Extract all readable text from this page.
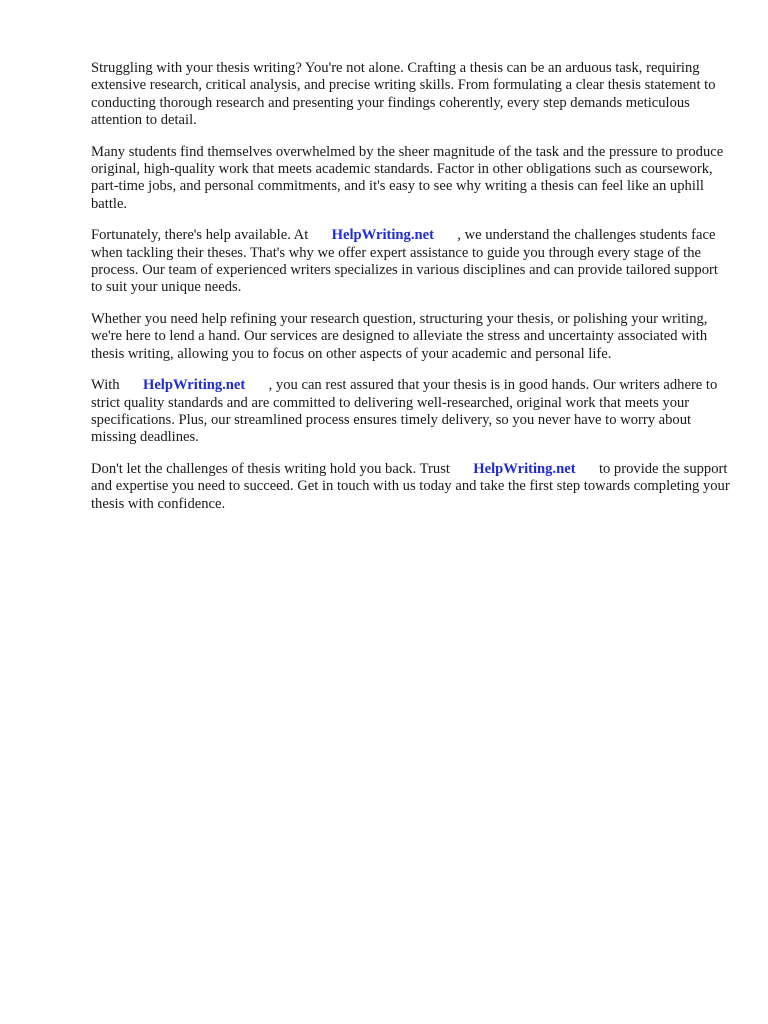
Struggling with your thesis writing? You're not alone. Crafting a thesis can be an arduous task, requiring extensive research, critical analysis, and precise writing skills. From formulating a clear thesis statement to conducting thorough research and presenting your findings coherently, every step demands meticulous attention to detail.

Many students find themselves overwhelmed by the sheer magnitude of the task and the pressure to produce original, high-quality work that meets academic standards. Factor in other obligations such as coursework, part-time jobs, and personal commitments, and it's easy to see why writing a thesis can feel like an uphill battle.

Fortunately, there's help available. At HelpWriting.net , we understand the challenges students face when tackling their theses. That's why we offer expert assistance to guide you through every stage of the process. Our team of experienced writers specializes in various disciplines and can provide tailored support to suit your unique needs.

Whether you need help refining your research question, structuring your thesis, or polishing your writing, we're here to lend a hand. Our services are designed to alleviate the stress and uncertainty associated with thesis writing, allowing you to focus on other aspects of your academic and personal life.

With HelpWriting.net , you can rest assured that your thesis is in good hands. Our writers adhere to strict quality standards and are committed to delivering well-researched, original work that meets your specifications. Plus, our streamlined process ensures timely delivery, so you never have to worry about missing deadlines.

Don't let the challenges of thesis writing hold you back. Trust HelpWriting.net to provide the support and expertise you need to succeed. Get in touch with us today and take the first step towards completing your thesis with confidence.
